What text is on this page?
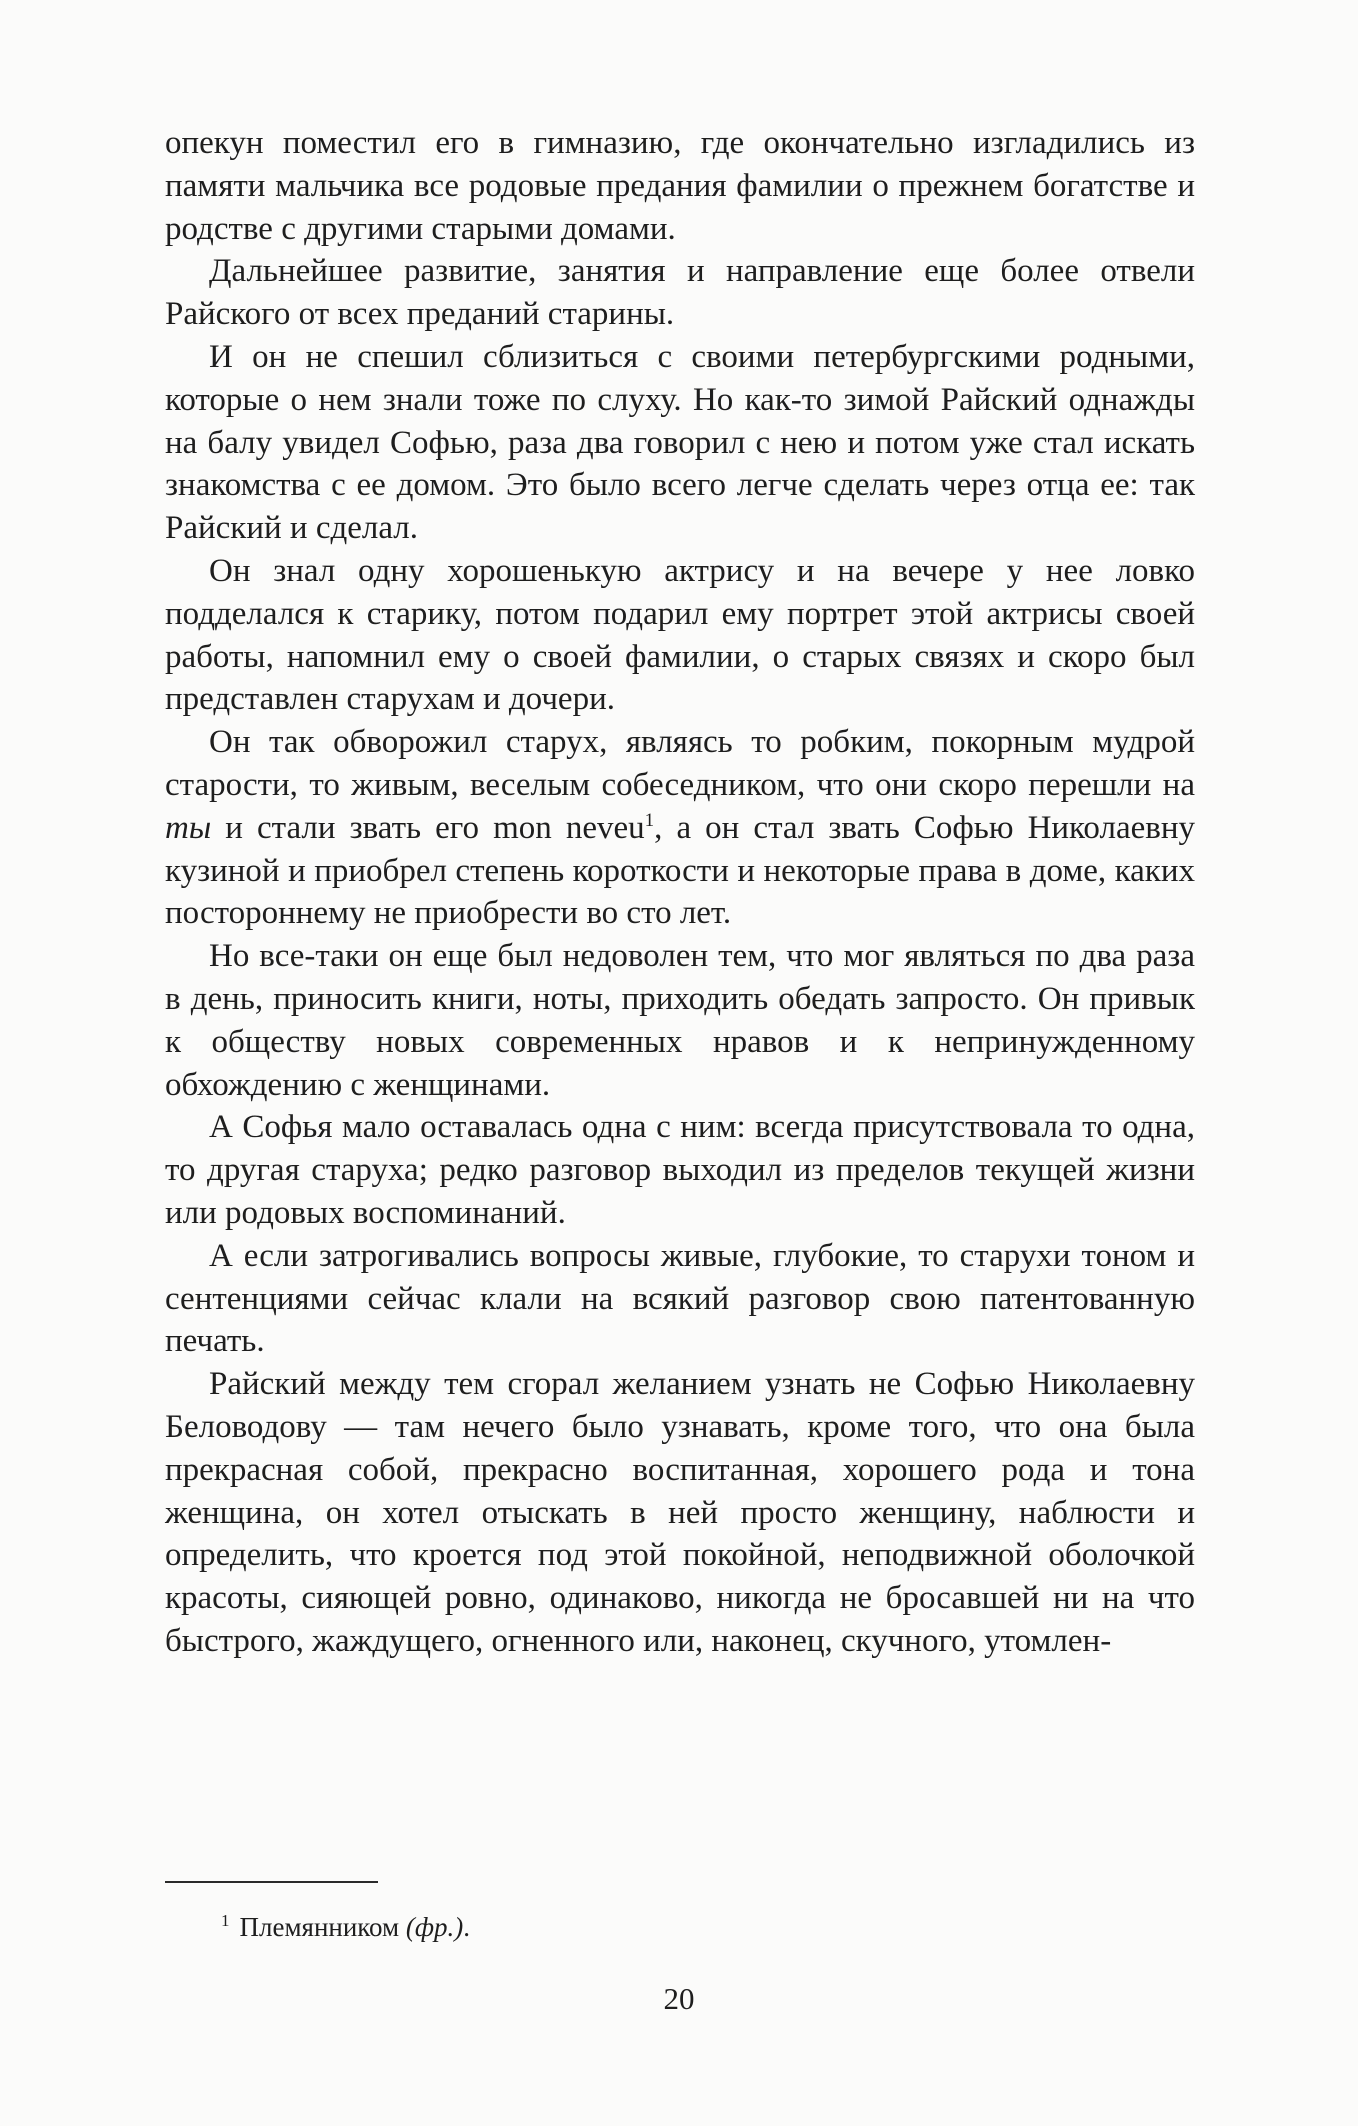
опекун поместил его в гимназию, где окончательно изгладились из памяти мальчика все родовые предания фамилии о прежнем богатстве и родстве с другими старыми домами.

Дальнейшее развитие, занятия и направление еще более отвели Райского от всех преданий старины.

И он не спешил сблизиться с своими петербургскими родными, которые о нем знали тоже по слуху. Но как-то зимой Райский однажды на балу увидел Софью, раза два говорил с нею и потом уже стал искать знакомства с ее домом. Это было всего легче сделать через отца ее: так Райский и сделал.

Он знал одну хорошенькую актрису и на вечере у нее ловко подделался к старику, потом подарил ему портрет этой актрисы своей работы, напомнил ему о своей фамилии, о старых связях и скоро был представлен старухам и дочери.

Он так обворожил старух, являясь то робким, покорным мудрой старости, то живым, веселым собеседником, что они скоро перешли на ты и стали звать его mon neveu$^1$, а он стал звать Софью Николаевну кузиной и приобрел степень короткости и некоторые права в доме, каких постороннему не приобрести во сто лет.

Но все-таки он еще был недоволен тем, что мог являться по два раза в день, приносить книги, ноты, приходить обедать запросто. Он привык к обществу новых современных нравов и к непринужденному обхождению с женщинами.

А Софья мало оставалась одна с ним: всегда присутствовала то одна, то другая старуха; редко разговор выходил из пределов текущей жизни или родовых воспоминаний.

А если затрогивались вопросы живые, глубокие, то старухи тоном и сентенциями сейчас клали на всякий разговор свою патентованную печать.

Райский между тем сгорал желанием узнать не Софью Николаевну Беловодову — там нечего было узнавать, кроме того, что она была прекрасная собой, прекрасно воспитанная, хорошего рода и тона женщина, он хотел отыскать в ней просто женщину, наблюсти и определить, что кроется под этой покойной, неподвижной оболочкой красоты, сияющей ровно, одинаково, никогда не бросавшей ни на что быстрого, жаждущего, огненного или, наконец, скучного, утомлен-

$^1$ Племянником (фр.).
20
